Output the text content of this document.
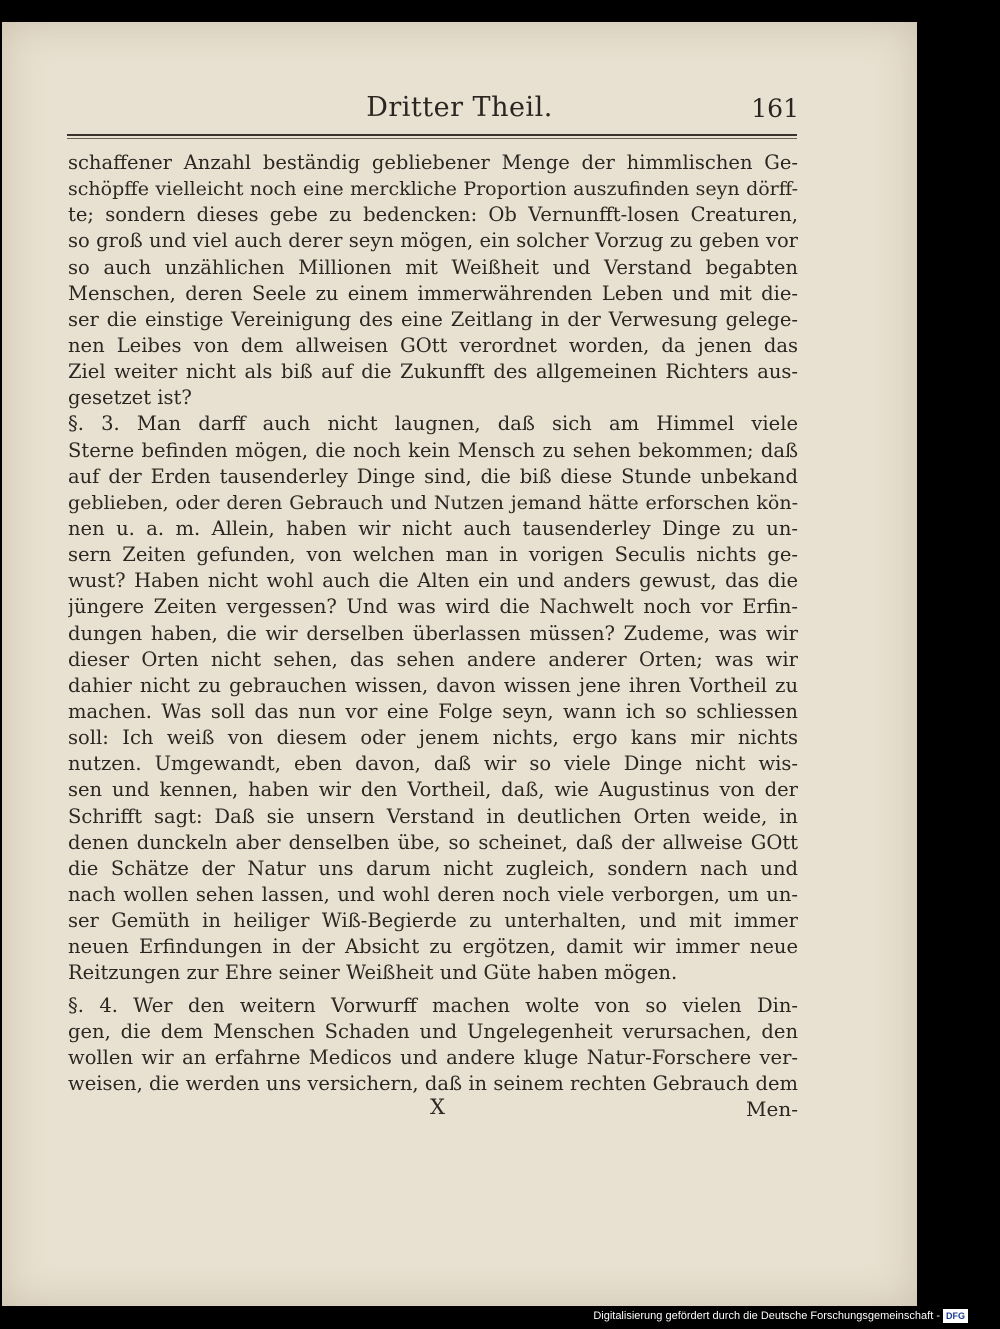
Dritter Theil.	161
schaffener Anzahl beständig gebliebener Menge der himmlischen Ge-
schöpffe vielleicht noch eine merckliche Proportion auszufinden seyn dörff-
te; sondern dieses gebe zu bedencken: Ob Vernunfft-losen Creaturen,
so groß und viel auch derer seyn mögen, ein solcher Vorzug zu geben vor
so auch unzählichen Millionen mit Weißheit und Verstand begabten
Menschen, deren Seele zu einem immerwährenden Leben und mit die-
ser die einstige Vereinigung des eine Zeitlang in der Verwesung gelege-
nen Leibes von dem allweisen GOtt verordnet worden, da jenen das
Ziel weiter nicht als biß auf die Zukunfft des allgemeinen Richters aus-
gesetzet ist?
§. 3. Man darff auch nicht laugnen, daß sich am Himmel viele
Sterne befinden mögen, die noch kein Mensch zu sehen bekommen; daß
auf der Erden tausenderley Dinge sind, die biß diese Stunde unbekand
geblieben, oder deren Gebrauch und Nutzen jemand hätte erforschen kön-
nen u. a. m. Allein, haben wir nicht auch tausenderley Dinge zu un-
sern Zeiten gefunden, von welchen man in vorigen Seculis nichts ge-
wust? Haben nicht wohl auch die Alten ein und anders gewust, das die
jüngere Zeiten vergessen? Und was wird die Nachwelt noch vor Erfin-
dungen haben, die wir derselben überlassen müssen? Zudeme, was wir
dieser Orten nicht sehen, das sehen andere anderer Orten; was wir
dahier nicht zu gebrauchen wissen, davon wissen jene ihren Vortheil zu
machen. Was soll das nun vor eine Folge seyn, wann ich so schliessen
soll: Ich weiß von diesem oder jenem nichts, ergo kans mir nichts
nutzen. Umgewandt, eben davon, daß wir so viele Dinge nicht wis-
sen und kennen, haben wir den Vortheil, daß, wie Augustinus von der
Schrifft sagt: Daß sie unsern Verstand in deutlichen Orten weide, in
denen dunckeln aber denselben übe, so scheinet, daß der allweise GOtt
die Schätze der Natur uns darum nicht zugleich, sondern nach und
nach wollen sehen lassen, und wohl deren noch viele verborgen, um un-
ser Gemüth in heiliger Wiß-Begierde zu unterhalten, und mit immer
neuen Erfindungen in der Absicht zu ergötzen, damit wir immer neue
Reitzungen zur Ehre seiner Weißheit und Güte haben mögen.
§. 4. Wer den weitern Vorwurff machen wolte von so vielen Din-
gen, die dem Menschen Schaden und Ungelegenheit verursachen, den
wollen wir an erfahrne Medicos und andere kluge Natur-Forschere ver-
weisen, die werden uns versichern, daß in seinem rechten Gebrauch dem
X	Men-
Digitalisierung gefördert durch die Deutsche Forschungsgemeinschaft - DFG
